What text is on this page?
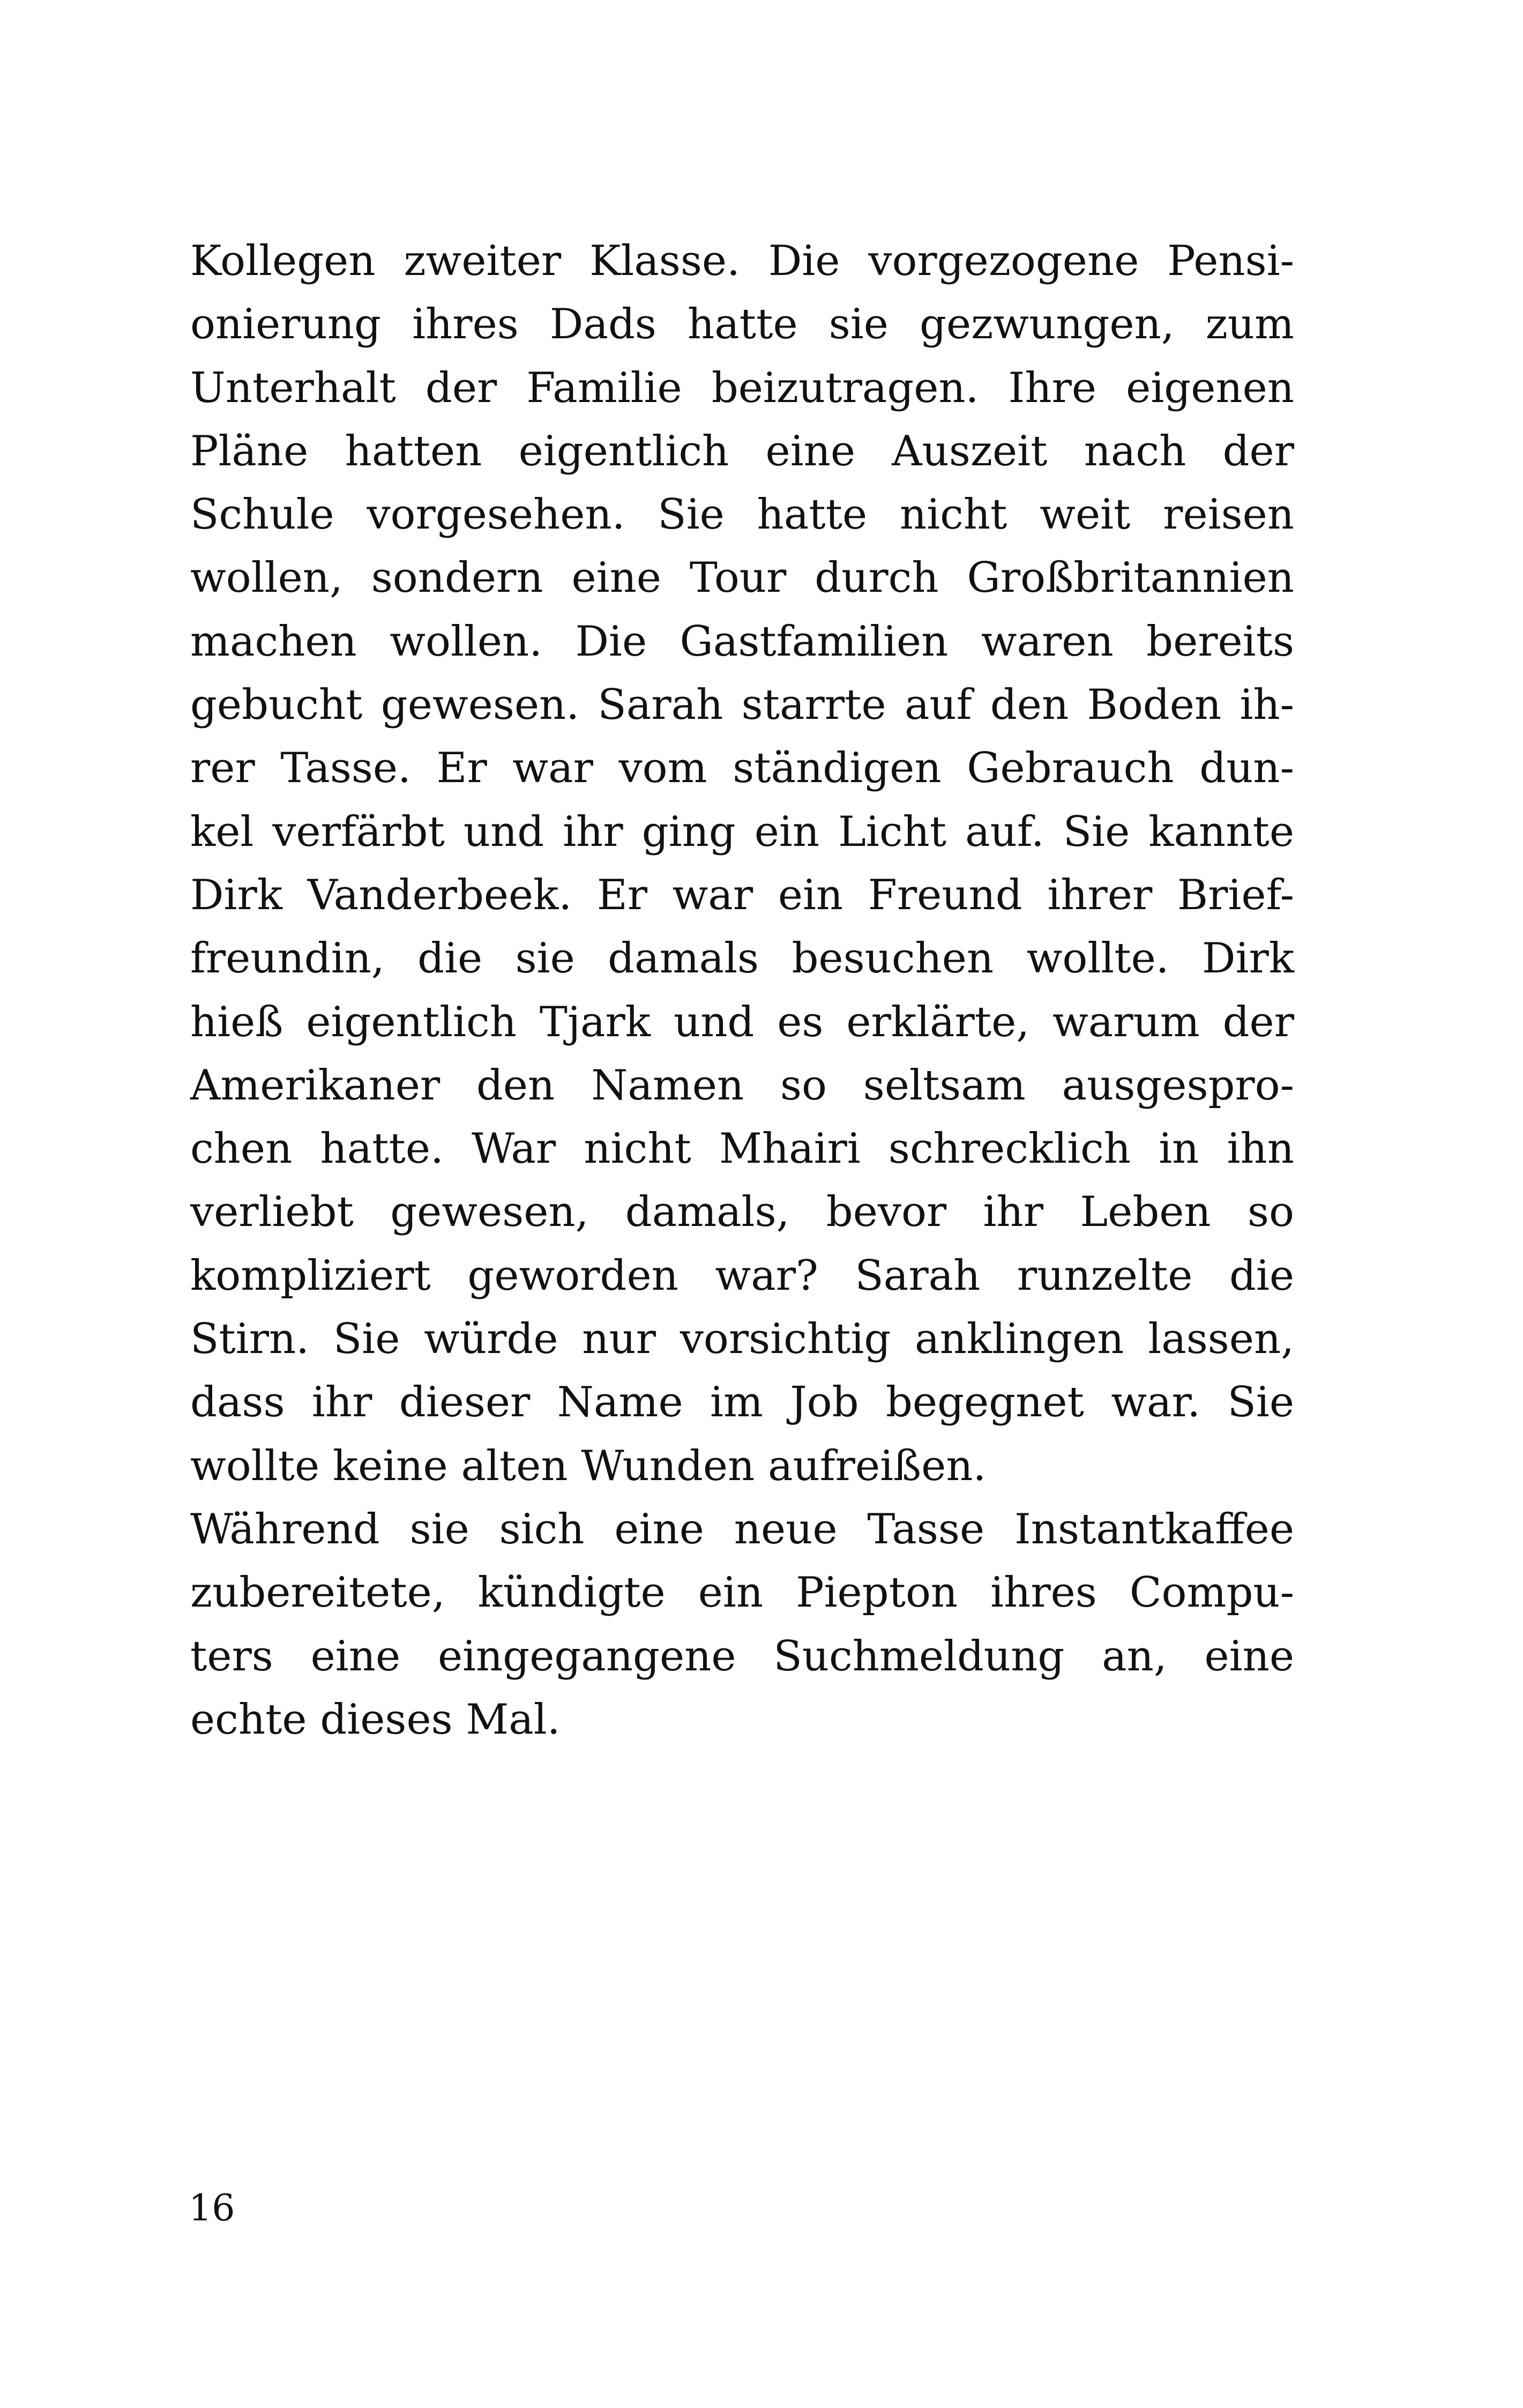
Kollegen zweiter Klasse. Die vorgezogene Pensi-
onierung ihres Dads hatte sie gezwungen, zum
Unterhalt der Familie beizutragen. Ihre eigenen
Pläne hatten eigentlich eine Auszeit nach der
Schule vorgesehen. Sie hatte nicht weit reisen
wollen, sondern eine Tour durch Großbritannien
machen wollen. Die Gastfamilien waren bereits
gebucht gewesen. Sarah starrte auf den Boden ih-
rer Tasse. Er war vom ständigen Gebrauch dun-
kel verfärbt und ihr ging ein Licht auf. Sie kannte
Dirk Vanderbeek. Er war ein Freund ihrer Brief-
freundin, die sie damals besuchen wollte. Dirk
hieß eigentlich Tjark und es erklärte, warum der
Amerikaner den Namen so seltsam ausgespro-
chen hatte. War nicht Mhairi schrecklich in ihn
verliebt gewesen, damals, bevor ihr Leben so
kompliziert geworden war? Sarah runzelte die
Stirn. Sie würde nur vorsichtig anklingen lassen,
dass ihr dieser Name im Job begegnet war. Sie
wollte keine alten Wunden aufreißen.
Während sie sich eine neue Tasse Instantkaffee
zubereitete, kündigte ein Piepton ihres Compu-
ters eine eingegangene Suchmeldung an, eine
echte dieses Mal.
16
